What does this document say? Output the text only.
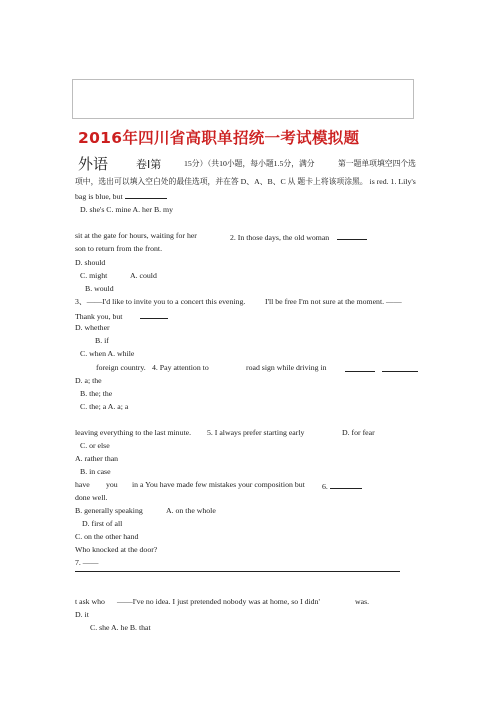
2016年四川省高职单招统一考试模拟题
外语	卷Ⅰ第	15分）（共10小题，每小题1.5分，满分	第一题单项填空四个选
项中，选出可以填入空白处的最佳选项，并在答 D、A、B、C 从 题卡上将该项涂黑。 is red. 1. Lily's
bag is blue, but
D. she's C. mine A. her B. my
sit at the gate for hours, waiting for her	2. In those days, the old woman
son to return from the front.
D. should
C. might	A. could
B. would
3、——I'd like to invite you to a concert this evening.	I'll be free I'm not sure at the moment. ——
Thank you, but
D. whether
B. if
C. when A. while
foreign country. 4. Pay attention to	road sign while driving in
D. a; the
B. the; the
C. the; a A. a; a
leaving everything to the last minute. 5. I always prefer starting early	D. for fear
C. or else
A. rather than
B. in case
have you in a You have made few mistakes your composition but 6.
done well.
B. generally speaking	A. on the whole
D. first of all
C. on the other hand
Who knocked at the door?
7. ——
t ask who ——I've no idea. I just pretended nobody was at home, so I didn'	was.
D. it
C. she A. he B. that
